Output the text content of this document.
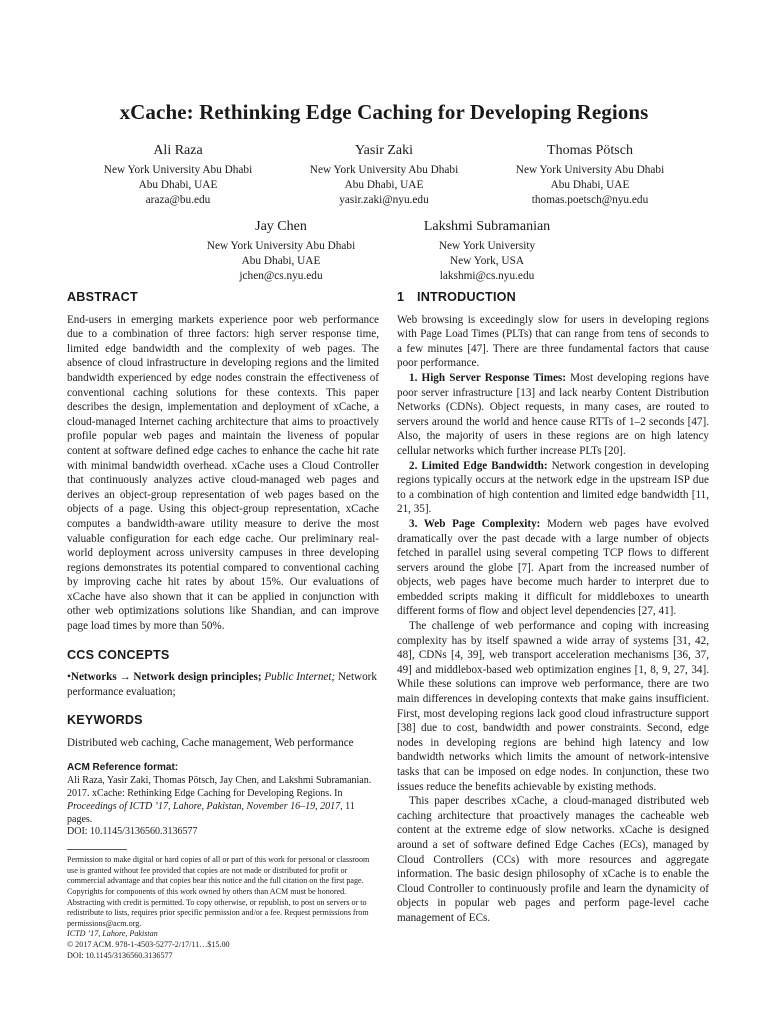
xCache: Rethinking Edge Caching for Developing Regions
Ali Raza
New York University Abu Dhabi
Abu Dhabi, UAE
araza@bu.edu
Yasir Zaki
New York University Abu Dhabi
Abu Dhabi, UAE
yasir.zaki@nyu.edu
Thomas Pötsch
New York University Abu Dhabi
Abu Dhabi, UAE
thomas.poetsch@nyu.edu
Jay Chen
New York University Abu Dhabi
Abu Dhabi, UAE
jchen@cs.nyu.edu
Lakshmi Subramanian
New York University
New York, USA
lakshmi@cs.nyu.edu
ABSTRACT

End-users in emerging markets experience poor web performance due to a combination of three factors: high server response time, limited edge bandwidth and the complexity of web pages. The absence of cloud infrastructure in developing regions and the limited bandwidth experienced by edge nodes constrain the effectiveness of conventional caching solutions for these contexts. This paper describes the design, implementation and deployment of xCache, a cloud-managed Internet caching architecture that aims to proactively profile popular web pages and maintain the liveness of popular content at software defined edge caches to enhance the cache hit rate with minimal bandwidth overhead. xCache uses a Cloud Controller that continuously analyzes active cloud-managed web pages and derives an object-group representation of web pages based on the objects of a page. Using this object-group representation, xCache computes a bandwidth-aware utility measure to derive the most valuable configuration for each edge cache. Our preliminary real-world deployment across university campuses in three developing regions demonstrates its potential compared to conventional caching by improving cache hit rates by about 15%. Our evaluations of xCache have also shown that it can be applied in conjunction with other web optimizations solutions like Shandian, and can improve page load times by more than 50%.

CCS CONCEPTS

•Networks → Network design principles; Public Internet; Network performance evaluation;

KEYWORDS

Distributed web caching, Cache management, Web performance

ACM Reference format:

Ali Raza, Yasir Zaki, Thomas Pötsch, Jay Chen, and Lakshmi Subramanian. 2017. xCache: Rethinking Edge Caching for Developing Regions. In Proceedings of ICTD ’17, Lahore, Pakistan, November 16–19, 2017, 11 pages.
DOI: 10.1145/3136560.3136577

Permission to make digital or hard copies of all or part of this work for personal or classroom use is granted without fee provided that copies are not made or distributed for profit or commercial advantage and that copies bear this notice and the full citation on the first page. Copyrights for components of this work owned by others than ACM must be honored. Abstracting with credit is permitted. To copy otherwise, or republish, to post on servers or to redistribute to lists, requires prior specific permission and/or a fee. Request permissions from permissions@acm.org.

ICTD ’17, Lahore, Pakistan

© 2017 ACM. 978-1-4503-5277-2/17/11…$15.00

DOI: 10.1145/3136560.3136577

1 INTRODUCTION

Web browsing is exceedingly slow for users in developing regions with Page Load Times (PLTs) that can range from tens of seconds to a few minutes [47]. There are three fundamental factors that cause poor performance.

1. High Server Response Times: Most developing regions have poor server infrastructure [13] and lack nearby Content Distribution Networks (CDNs). Object requests, in many cases, are routed to servers around the world and hence cause RTTs of 1–2 seconds [47]. Also, the majority of users in these regions are on high latency cellular networks which further increase PLTs [20].

2. Limited Edge Bandwidth: Network congestion in developing regions typically occurs at the network edge in the upstream ISP due to a combination of high contention and limited edge bandwidth [11, 21, 35].

3. Web Page Complexity: Modern web pages have evolved dramatically over the past decade with a large number of objects fetched in parallel using several competing TCP flows to different servers around the globe [7]. Apart from the increased number of objects, web pages have become much harder to interpret due to embedded scripts making it difficult for middleboxes to unearth different forms of flow and object level dependencies [27, 41].

The challenge of web performance and coping with increasing complexity has by itself spawned a wide array of systems [31, 42, 48], CDNs [4, 39], web transport acceleration mechanisms [36, 37, 49] and middlebox-based web optimization engines [1, 8, 9, 27, 34]. While these solutions can improve web performance, there are two main differences in developing contexts that make gains insufficient. First, most developing regions lack good cloud infrastructure support [38] due to cost, bandwidth and power constraints. Second, edge nodes in developing regions are behind high latency and low bandwidth networks which limits the amount of network-intensive tasks that can be imposed on edge nodes. In conjunction, these two issues reduce the benefits achievable by existing methods.

This paper describes xCache, a cloud-managed distributed web caching architecture that proactively manages the cacheable web content at the extreme edge of slow networks. xCache is designed around a set of software defined Edge Caches (ECs), managed by Cloud Controllers (CCs) with more resources and aggregate information. The basic design philosophy of xCache is to enable the Cloud Controller to continuously profile and learn the dynamicity of objects in popular web pages and perform page-level cache management of ECs.
